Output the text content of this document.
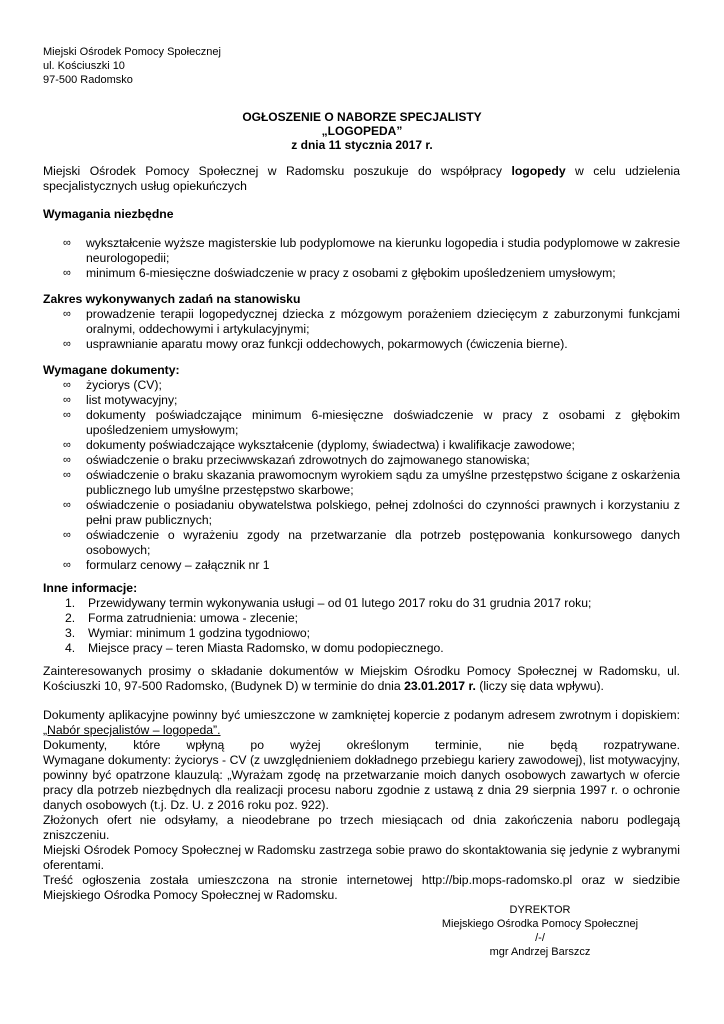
Miejski Ośrodek Pomocy Społecznej
ul. Kościuszki 10
97-500 Radomsko
OGŁOSZENIE O NABORZE SPECJALISTY
„LOGOPEDA”
z dnia 11 stycznia 2017 r.
Miejski Ośrodek Pomocy Społecznej w Radomsku poszukuje do współpracy logopedy w celu udzielenia specjalistycznych usług opiekuńczych
Wymagania niezbędne
∞ wykształcenie wyższe magisterskie lub podyplomowe na kierunku logopedia i studia podyplomowe w zakresie neurologopedii;
∞ minimum 6-miesięczne doświadczenie w pracy z osobami z głębokim upośledzeniem umysłowym;
Zakres wykonywanych zadań na stanowisku
∞ prowadzenie terapii logopedycznej dziecka z mózgowym porażeniem dziecięcym z zaburzonymi funkcjami oralnymi, oddechowymi i artykulacyjnymi;
∞ usprawnianie aparatu mowy oraz funkcji oddechowych, pokarmowych (ćwiczenia bierne).
Wymagane dokumenty:
∞ życiorys (CV);
∞ list motywacyjny;
∞ dokumenty poświadczające minimum 6-miesięczne doświadczenie w pracy z osobami z głębokim upośledzeniem umysłowym;
∞ dokumenty poświadczające wykształcenie (dyplomy, świadectwa) i kwalifikacje zawodowe;
∞ oświadczenie o braku przeciwwskazań zdrowotnych do zajmowanego stanowiska;
∞ oświadczenie o braku skazania prawomocnym wyrokiem sądu za umyślne przestępstwo ścigane z oskarżenia publicznego lub umyślne przestępstwo skarbowe;
∞ oświadczenie o posiadaniu obywatelstwa polskiego, pełnej zdolności do czynności prawnych i korzystaniu z pełni praw publicznych;
∞ oświadczenie o wyrażeniu zgody na przetwarzanie dla potrzeb postępowania konkursowego danych osobowych;
∞ formularz cenowy – załącznik nr 1
Inne informacje:
1. Przewidywany termin wykonywania usługi – od 01 lutego 2017 roku do 31 grudnia 2017 roku;
2. Forma zatrudnienia: umowa - zlecenie;
3. Wymiar: minimum 1 godzina tygodniowo;
4. Miejsce pracy – teren Miasta Radomsko, w domu podopiecznego.
Zainteresowanych prosimy o składanie dokumentów w Miejskim Ośrodku Pomocy Społecznej w Radomsku, ul. Kościuszki 10, 97-500 Radomsko, (Budynek D) w terminie do dnia 23.01.2017 r. (liczy się data wpływu).
Dokumenty aplikacyjne powinny być umieszczone w zamkniętej kopercie z podanym adresem zwrotnym i dopiskiem: „Nabór specjalistów – logopeda”.
Dokumenty, które wpłyną po wyżej określonym terminie, nie będą rozpatrywane.
Wymagane dokumenty: życiorys - CV (z uwzględnieniem dokładnego przebiegu kariery zawodowej), list motywacyjny, powinny być opatrzone klauzulą: „Wyrażam zgodę na przetwarzanie moich danych osobowych zawartych w ofercie pracy dla potrzeb niezbędnych dla realizacji procesu naboru zgodnie z ustawą z dnia 29 sierpnia 1997 r. o ochronie danych osobowych (t.j. Dz. U. z 2016 roku poz. 922).
Złożonych ofert nie odsyłamy, a nieodebrane po trzech miesiącach od dnia zakończenia naboru podlegają zniszczeniu.
Miejski Ośrodek Pomocy Społecznej w Radomsku zastrzega sobie prawo do skontaktowania się jedynie z wybranymi oferentami.
Treść ogłoszenia została umieszczona na stronie internetowej http://bip.mops-radomsko.pl oraz w siedzibie Miejskiego Ośrodka Pomocy Społecznej w Radomsku.
DYREKTOR
Miejskiego Ośrodka Pomocy Społecznej
/-/
mgr Andrzej Barszcz
